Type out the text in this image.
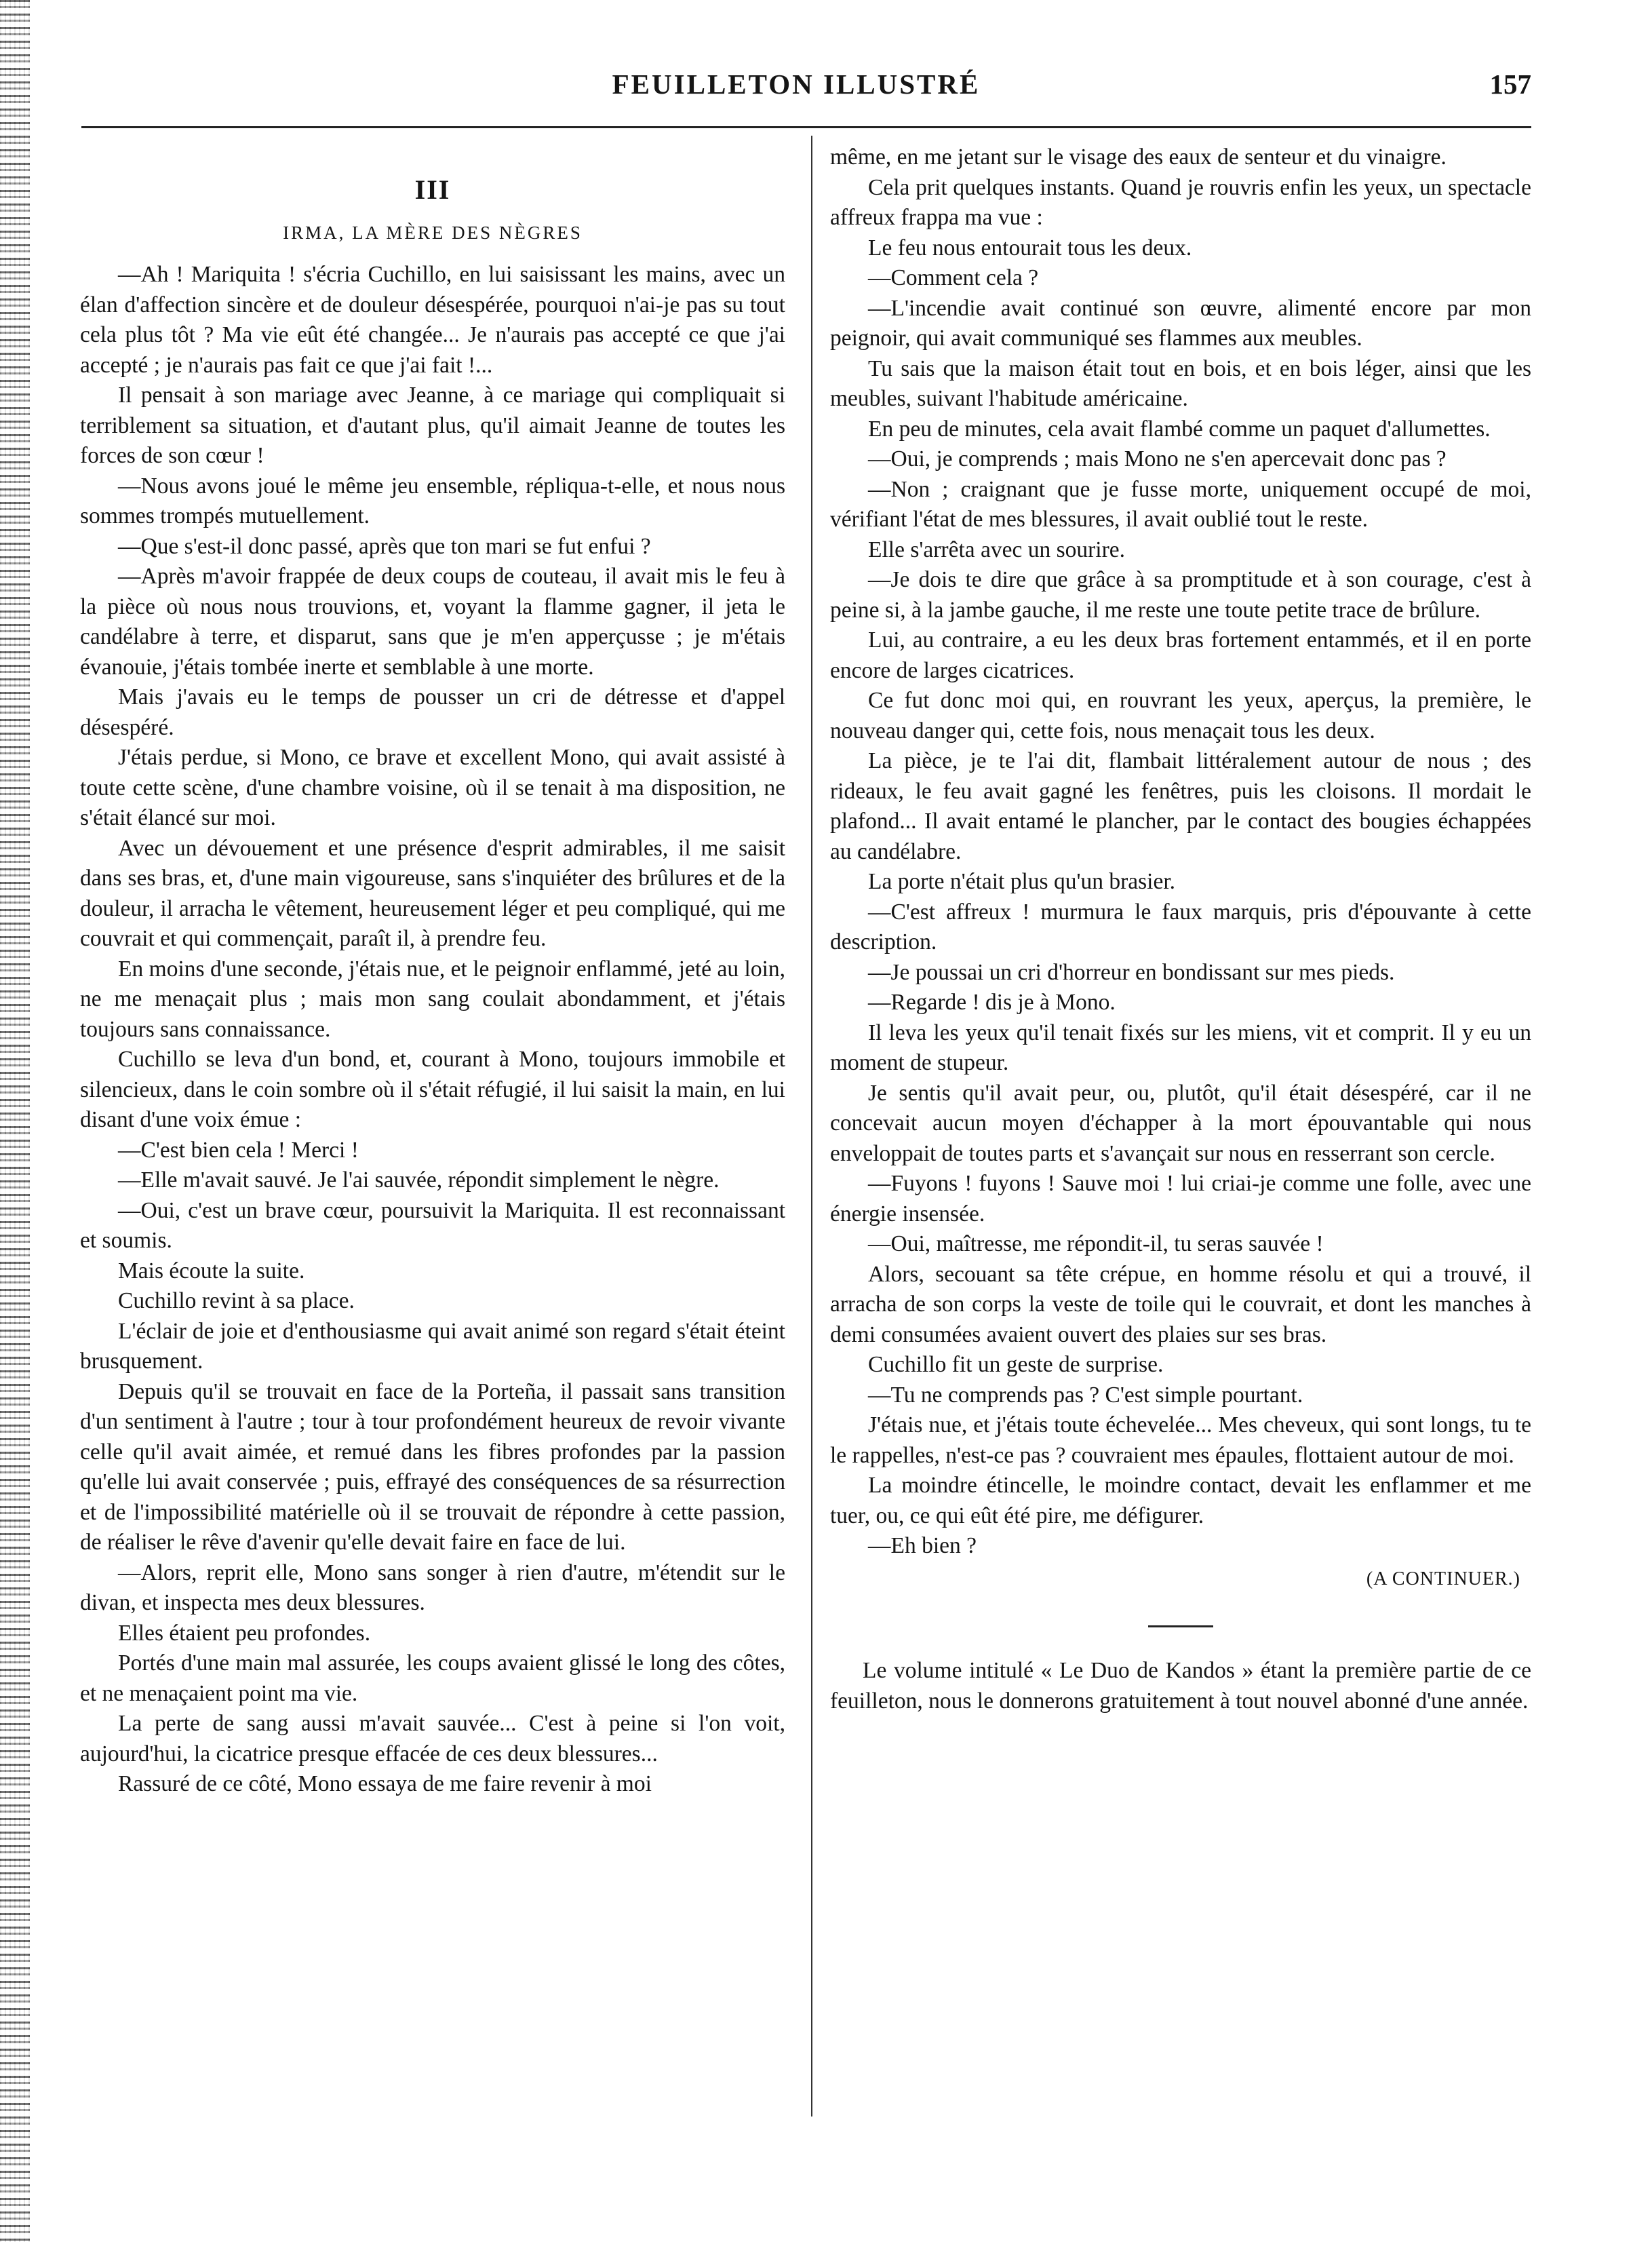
FEUILLETON ILLUSTRÉ	157
III
IRMA, LA MÈRE DES NÈGRES

—Ah ! Mariquita ! s'écria Cuchillo, en lui saisissant les mains, avec un élan d'affection sincère et de douleur désespérée, pourquoi n'ai-je pas su tout cela plus tôt ? Ma vie eût été changée... Je n'aurais pas accepté ce que j'ai accepté ; je n'aurais pas fait ce que j'ai fait !...

Il pensait à son mariage avec Jeanne, à ce mariage qui compliquait si terriblement sa situation, et d'autant plus, qu'il aimait Jeanne de toutes les forces de son cœur !

—Nous avons joué le même jeu ensemble, répliqua-t-elle, et nous nous sommes trompés mutuellement.

—Que s'est-il donc passé, après que ton mari se fut enfui ?

—Après m'avoir frappée de deux coups de couteau, il avait mis le feu à la pièce où nous nous trouvions, et, voyant la flamme gagner, il jeta le candélabre à terre, et disparut, sans que je m'en apperçusse ; je m'étais évanouie, j'étais tombée inerte et semblable à une morte.

Mais j'avais eu le temps de pousser un cri de détresse et d'appel désespéré.

J'étais perdue, si Mono, ce brave et excellent Mono, qui avait assisté à toute cette scène, d'une chambre voisine, où il se tenait à ma disposition, ne s'était élancé sur moi.

Avec un dévouement et une présence d'esprit admirables, il me saisit dans ses bras, et, d'une main vigoureuse, sans s'inquiéter des brûlures et de la douleur, il arracha le vêtement, heureusement léger et peu compliqué, qui me couvrait et qui commençait, paraît il, à prendre feu.

En moins d'une seconde, j'étais nue, et le peignoir enflammé, jeté au loin, ne me menaçait plus ; mais mon sang coulait abondamment, et j'étais toujours sans connaissance.

Cuchillo se leva d'un bond, et, courant à Mono, toujours immobile et silencieux, dans le coin sombre où il s'était réfugié, il lui saisit la main, en lui disant d'une voix émue :

—C'est bien cela ! Merci !

—Elle m'avait sauvé. Je l'ai sauvée, répondit simplement le nègre.

—Oui, c'est un brave cœur, poursuivit la Mariquita. Il est reconnaissant et soumis.

Mais écoute la suite.

Cuchillo revint à sa place.

L'éclair de joie et d'enthousiasme qui avait animé son regard s'était éteint brusquement.

Depuis qu'il se trouvait en face de la Porteña, il passait sans transition d'un sentiment à l'autre ; tour à tour profondément heureux de revoir vivante celle qu'il avait aimée, et remué dans les fibres profondes par la passion qu'elle lui avait conservée ; puis, effrayé des conséquences de sa résurrection et de l'impossibilité matérielle où il se trouvait de répondre à cette passion, de réaliser le rêve d'avenir qu'elle devait faire en face de lui.

—Alors, reprit elle, Mono sans songer à rien d'autre, m'étendit sur le divan, et inspecta mes deux blessures.

Elles étaient peu profondes.

Portés d'une main mal assurée, les coups avaient glissé le long des côtes, et ne menaçaient point ma vie.

La perte de sang aussi m'avait sauvée... C'est à peine si l'on voit, aujourd'hui, la cicatrice presque effacée de ces deux blessures...

Rassuré de ce côté, Mono essaya de me faire revenir à moi

même, en me jetant sur le visage des eaux de senteur et du vinaigre.

Cela prit quelques instants. Quand je rouvris enfin les yeux, un spectacle affreux frappa ma vue :

Le feu nous entourait tous les deux.

—Comment cela ?

—L'incendie avait continué son œuvre, alimenté encore par mon peignoir, qui avait communiqué ses flammes aux meubles.

Tu sais que la maison était tout en bois, et en bois léger, ainsi que les meubles, suivant l'habitude américaine.

En peu de minutes, cela avait flambé comme un paquet d'allumettes.

—Oui, je comprends ; mais Mono ne s'en apercevait donc pas ?

—Non ; craignant que je fusse morte, uniquement occupé de moi, vérifiant l'état de mes blessures, il avait oublié tout le reste.

Elle s'arrêta avec un sourire.

—Je dois te dire que grâce à sa promptitude et à son courage, c'est à peine si, à la jambe gauche, il me reste une toute petite trace de brûlure.

Lui, au contraire, a eu les deux bras fortement entammés, et il en porte encore de larges cicatrices.

Ce fut donc moi qui, en rouvrant les yeux, aperçus, la première, le nouveau danger qui, cette fois, nous menaçait tous les deux.

La pièce, je te l'ai dit, flambait littéralement autour de nous ; des rideaux, le feu avait gagné les fenêtres, puis les cloisons. Il mordait le plafond... Il avait entamé le plancher, par le contact des bougies échappées au candélabre.

La porte n'était plus qu'un brasier.

—C'est affreux ! murmura le faux marquis, pris d'épouvante à cette description.

—Je poussai un cri d'horreur en bondissant sur mes pieds.

—Regarde ! dis je à Mono.

Il leva les yeux qu'il tenait fixés sur les miens, vit et comprit. Il y eu un moment de stupeur.

Je sentis qu'il avait peur, ou, plutôt, qu'il était désespéré, car il ne concevait aucun moyen d'échapper à la mort épouvantable qui nous enveloppait de toutes parts et s'avançait sur nous en resserrant son cercle.

—Fuyons ! fuyons ! Sauve moi ! lui criai-je comme une folle, avec une énergie insensée.

—Oui, maîtresse, me répondit-il, tu seras sauvée !

Alors, secouant sa tête crépue, en homme résolu et qui a trouvé, il arracha de son corps la veste de toile qui le couvrait, et dont les manches à demi consumées avaient ouvert des plaies sur ses bras.

Cuchillo fit un geste de surprise.

—Tu ne comprends pas ? C'est simple pourtant.

J'étais nue, et j'étais toute échevelée... Mes cheveux, qui sont longs, tu te le rappelles, n'est-ce pas ? couvraient mes épaules, flottaient autour de moi.

La moindre étincelle, le moindre contact, devait les enflammer et me tuer, ou, ce qui eût été pire, me défigurer.

—Eh bien ?

(A CONTINUER.)

Le volume intitulé « Le Duo de Kandos » étant la première partie de ce feuilleton, nous le donnerons gratuitement à tout nouvel abonné d'une année.
